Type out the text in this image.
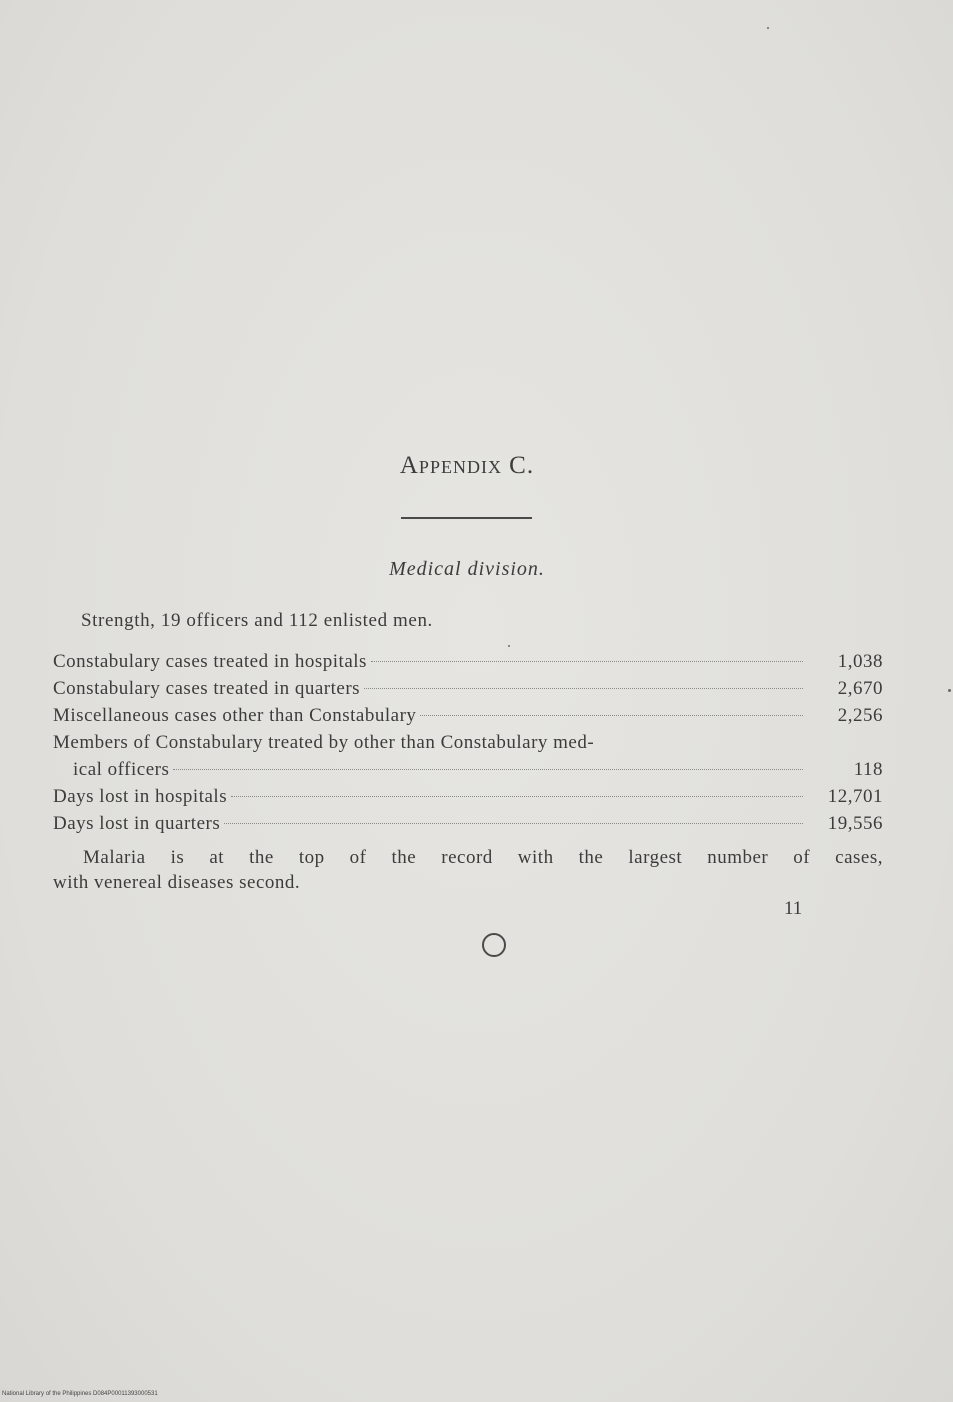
Appendix C.
Medical division.
Strength, 19 officers and 112 enlisted men.
Constabulary cases treated in hospitals	1,038
Constabulary cases treated in quarters	2,670
Miscellaneous cases other than Constabulary	2,256
Members of Constabulary treated by other than Constabulary med-
ical officers	118
Days lost in hospitals	12,701
Days lost in quarters	19,556
Malaria is at the top of the record with the largest number of cases,
with venereal diseases second.
11
National Library of the Philippines D084P00011393000531
